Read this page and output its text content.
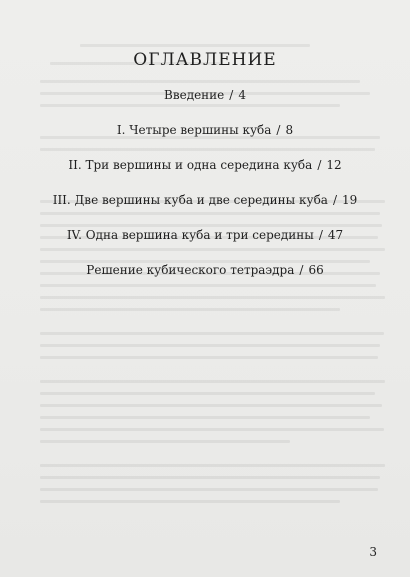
ОГЛАВЛЕНИЕ
Введение / 4
I. Четыре вершины куба / 8
II. Три вершины и одна середина куба / 12
III. Две вершины куба и две середины куба / 19
IV. Одна вершина куба и три середины / 47
Решение кубического тетраэдра / 66
3
